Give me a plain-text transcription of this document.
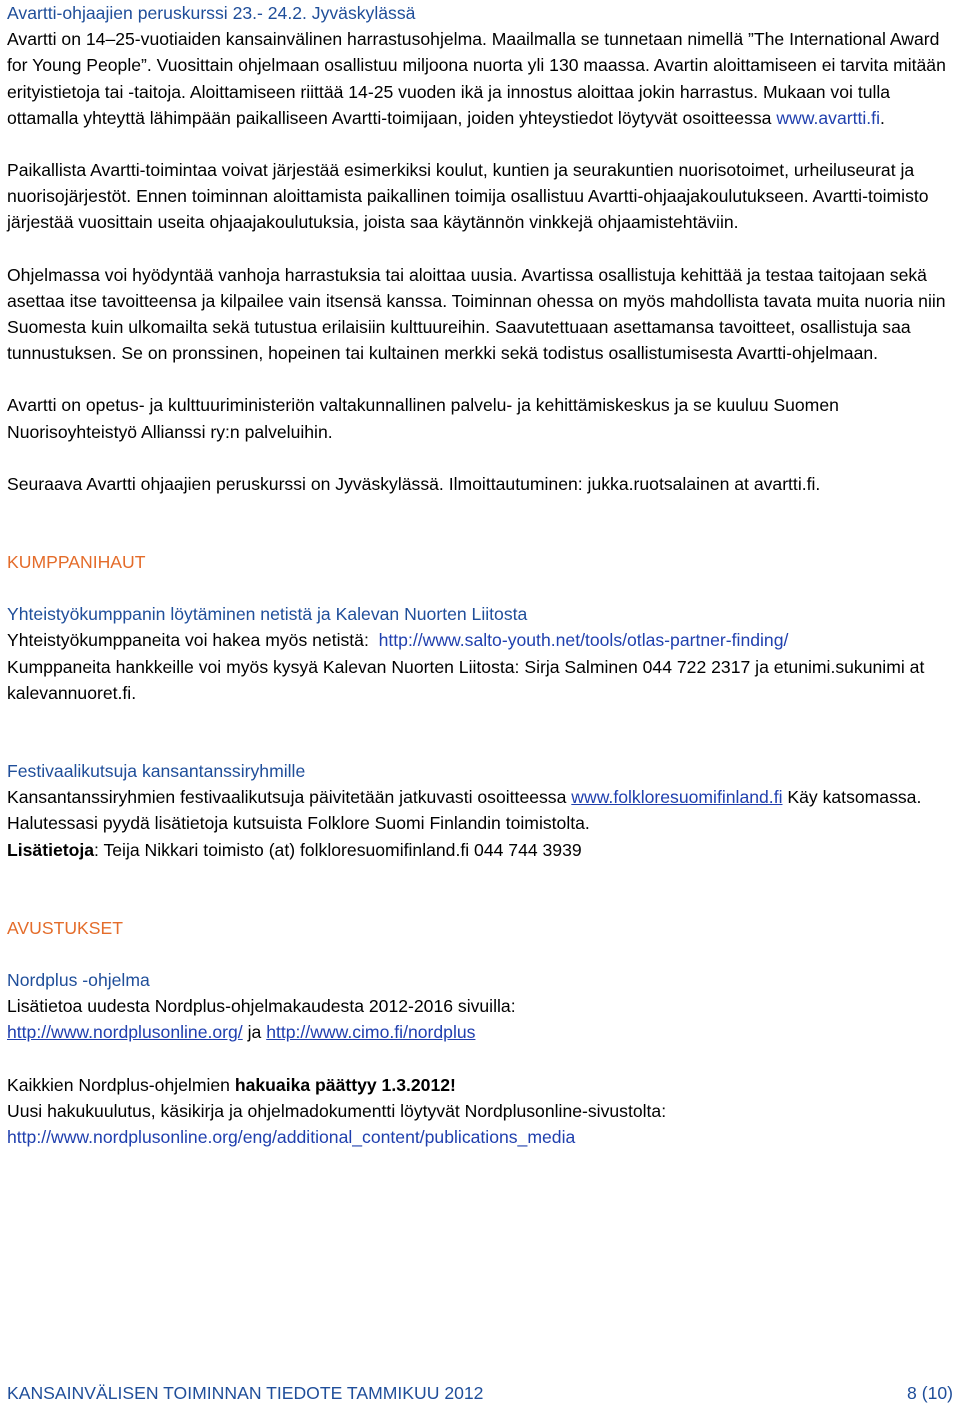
Avartti-ohjaajien peruskurssi 23.- 24.2. Jyväskylässä

Avartti on 14–25-vuotiaiden kansainvälinen harrastusohjelma. Maailmalla se tunnetaan nimellä ”The International Award for Young People”. Vuosittain ohjelmaan osallistuu miljoona nuorta yli 130 maassa. Avartin aloittamiseen ei tarvita mitään erityistietoja tai -taitoja. Aloittamiseen riittää 14-25 vuoden ikä ja innostus aloittaa jokin harrastus. Mukaan voi tulla ottamalla yhteyttä lähimpään paikalliseen Avartti-toimijaan, joiden yhteystiedot löytyvät osoitteessa www.avartti.fi.

Paikallista Avartti-toimintaa voivat järjestää esimerkiksi koulut, kuntien ja seurakuntien nuorisotoimet, urheiluseurat ja nuorisojärjestöt. Ennen toiminnan aloittamista paikallinen toimija osallistuu Avartti-ohjaajakoulutukseen. Avartti-toimisto järjestää vuosittain useita ohjaajakoulutuksia, joista saa käytännön vinkkejä ohjaamistehtäviin.

Ohjelmassa voi hyödyntää vanhoja harrastuksia tai aloittaa uusia. Avartissa osallistuja kehittää ja testaa taitojaan sekä asettaa itse tavoitteensa ja kilpailee vain itsensä kanssa. Toiminnan ohessa on myös mahdollista tavata muita nuoria niin Suomesta kuin ulkomailta sekä tutustua erilaisiin kulttuureihin. Saavutettuaan asettamansa tavoitteet, osallistuja saa tunnustuksen. Se on pronssinen, hopeinen tai kultainen merkki sekä todistus osallistumisesta Avartti-ohjelmaan.

Avartti on opetus- ja kulttuuriministeriön valtakunnallinen palvelu- ja kehittämiskeskus ja se kuuluu Suomen Nuorisoyhteistyö Allianssi ry:n palveluihin.

Seuraava Avartti ohjaajien peruskurssi on Jyväskylässä. Ilmoittautuminen: jukka.ruotsalainen at avartti.fi.

KUMPPANIHAUT

Yhteistyökumppanin löytäminen netistä ja Kalevan Nuorten Liitosta

Yhteistyökumppaneita voi hakea myös netistä:  http://www.salto-youth.net/tools/otlas-partner-finding/

Kumppaneita hankkeille voi myös kysyä Kalevan Nuorten Liitosta: Sirja Salminen 044 722 2317 ja etunimi.sukunimi at kalevannuoret.fi.

Festivaalikutsuja kansantanssiryhmille

Kansantanssiryhmien festivaalikutsuja päivitetään jatkuvasti osoitteessa www.folkloresuomifinland.fi Käy katsomassa. Halutessasi pyydä lisätietoja kutsuista Folklore Suomi Finlandin toimistolta.

Lisätietoja: Teija Nikkari toimisto (at) folkloresuomifinland.fi 044 744 3939

AVUSTUKSET

Nordplus -ohjelma

Lisätietoa uudesta Nordplus-ohjelmakaudesta 2012-2016 sivuilla:

http://www.nordplusonline.org/ ja http://www.cimo.fi/nordplus

Kaikkien Nordplus-ohjelmien hakuaika päättyy 1.3.2012!

Uusi hakukuulutus, käsikirja ja ohjelmadokumentti löytyvät Nordplusonline-sivustolta:

http://www.nordplusonline.org/eng/additional_content/publications_media

KANSAINVÄLISEN TOIMINNAN TIEDOTE TAMMIKUU 2012	8 (10)
